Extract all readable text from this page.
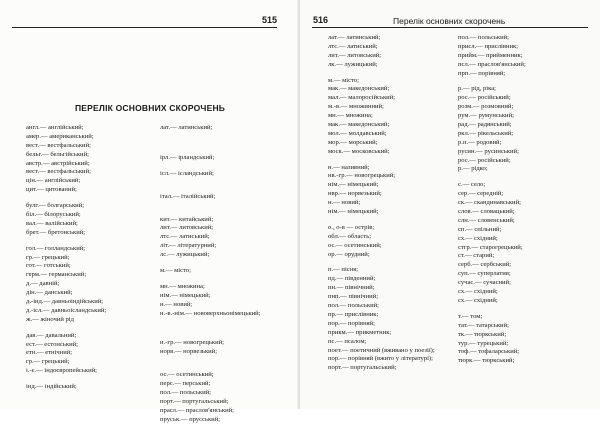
515
ПЕРЕЛІК ОСНОВНИХ СКОРОЧЕНЬ
англ.— англійський;
амер.— американський;
вест.— вестфальський;
бельг.— бельгійський;
австр.— австрійський;
вест.— вестфальський;
цін.— англійський;
цит.— цитований;
булг.— болгарський;
біл.— білоруський;
вал.— валійський;
брет.— бретонський;
гол.— голландський;
гр.— грецький;
гот.— готський;
герм.— германський;
д.— давній;
дін.— данський;
д.-інд.— давньоіндійський;
д.-ісл.— давньоісландський;
ж.— жіночий рід
дав.— давальний;
ест.— естонський;
етн.— етнічний;
гр.— грецький;
і.-є.— індоєвропейський;
інд.— індійський;
лат.— латинський;
ірл.— ірландський;
ісл.— ісландський;
італ.— італійський;
кит.— китайський;
лит.— литовський;
лтс.— латиський;
літ.— літературний;
лс.— лужицький;
м.— місто;
мн.— множина;
нім.— німецький;
н.— новий;
н.-в.-нім.— нововерхньонімецький;
н.-гр.— новогрецький;
норв.— норвезький;
ос.— осетинський;
перс.— перський;
пол.— польський;
порт.— португальський;
прасл.— праслов'янський;
пруськ.— прусський;
516	Перелік основних скорочень
лат.— латинський;
лтс.— латиський;
лит.— литовський;
лк.— лужицький;
м.— місто;
мак.— македонський;
мал.— малоросійський;
м.-в.— множинний;
мн.— множина;
мак.— македонський;
мол.— молдавський;
мор.— морський;
моск.— московський;
н.— називний;
нв.-гр.— новогрецький;
нім.— німецький;
нвр.— норвезький;
н.— новий;
нім.— німецький;
о., о-в — острів;
обл.— область;
ос.— осетинський;
ор.— орудний;
п.— пісня;
пд.— південний;
пн.— північний;
пнп.— північний;
пол.— польський;
пр.— прислівник;
пор.— порівняй;
прикм.— прикметник;
пс.— псалом;
поет.— поетичний (вживано у поезії);
пор.— порівняй (вжито у літературі);
порт.— португальський;
пол.— польський;
присл.— прислівник;
прийм.— прийменник;
псл.— праслов'янський;
прп.— порівняй;
р.— рід, ріка;
рос.— російський;
розм.— розмовний;
рум.— румунський;
рад.— радянський;
ркл.— рікельський;
р.п.— родовий;
русин.— русинський;
рос.— російський;
р.— рідко;
с.— село;
сер.— середній;
ск.— скандинавський;
слов.— словацький;
слн.— словенський;
сп.— спільний;
сх.— східний;
стгр.— старогрецький;
ст.— старий;
серб.— сербський;
суп.— суперлатив;
сучас.— сучасний;
сх.— східний;
сх.— східний;
т.— том;
тат.— татарський;
тк.— тюркський;
тур.— турецький;
тоф.— тофаларський;
тюрк.— тюркський;
